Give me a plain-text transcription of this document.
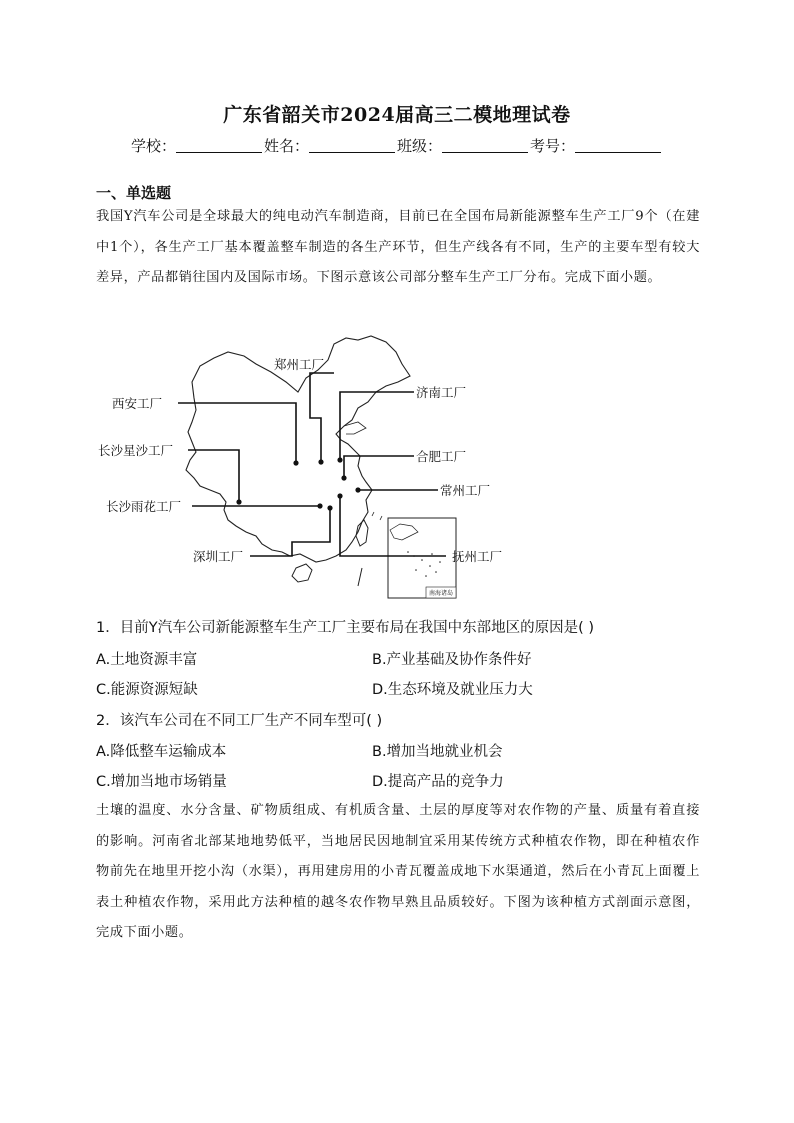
广东省韶关市2024届高三二模地理试卷
学校：	姓名：	班级：	考号：
一、单选题
我国Y汽车公司是全球最大的纯电动汽车制造商，目前已在全国布局新能源整车生产工厂9个（在建中1个），各生产工厂基本覆盖整车制造的各生产环节，但生产线各有不同，生产的主要车型有较大差异，产品都销往国内及国际市场。下图示意该公司部分整车生产工厂分布。完成下面小题。
南海诸岛
郑州工厂
西安工厂
济南工厂
长沙星沙工厂	合肥工厂
常州工厂
长沙雨花工厂
深圳工厂	抚州工厂
1．目前Y汽车公司新能源整车生产工厂主要布局在我国中东部地区的原因是( )
A.土地资源丰富	B.产业基础及协作条件好
C.能源资源短缺	D.生态环境及就业压力大
2．该汽车公司在不同工厂生产不同车型可( )
A.降低整车运输成本	B.增加当地就业机会
C.增加当地市场销量	D.提高产品的竞争力
土壤的温度、水分含量、矿物质组成、有机质含量、土层的厚度等对农作物的产量、质量有着直接的影响。河南省北部某地地势低平，当地居民因地制宜采用某传统方式种植农作物，即在种植农作物前先在地里开挖小沟（水渠），再用建房用的小青瓦覆盖成地下水渠通道，然后在小青瓦上面覆上表土种植农作物，采用此方法种植的越冬农作物早熟且品质较好。下图为该种植方式剖面示意图，完成下面小题。
